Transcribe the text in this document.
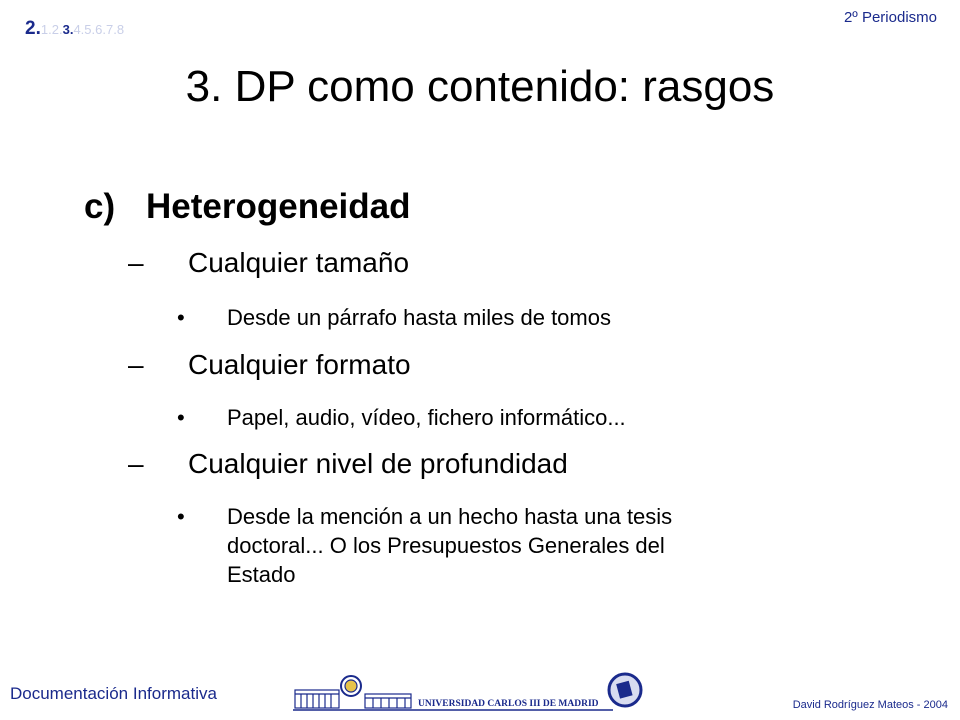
2.1.2.3.4.5.6.7.8
2º Periodismo
3. DP como contenido: rasgos
c) Heterogeneidad
– Cualquier tamaño
• Desde un párrafo hasta miles de tomos
– Cualquier formato
• Papel, audio, vídeo, fichero informático...
– Cualquier nivel de profundidad
• Desde la mención a un hecho hasta una tesis doctoral... O los Presupuestos Generales del Estado
Documentación Informativa
David Rodríguez Mateos - 2004
UNIVERSIDAD CARLOS III DE MADRID
